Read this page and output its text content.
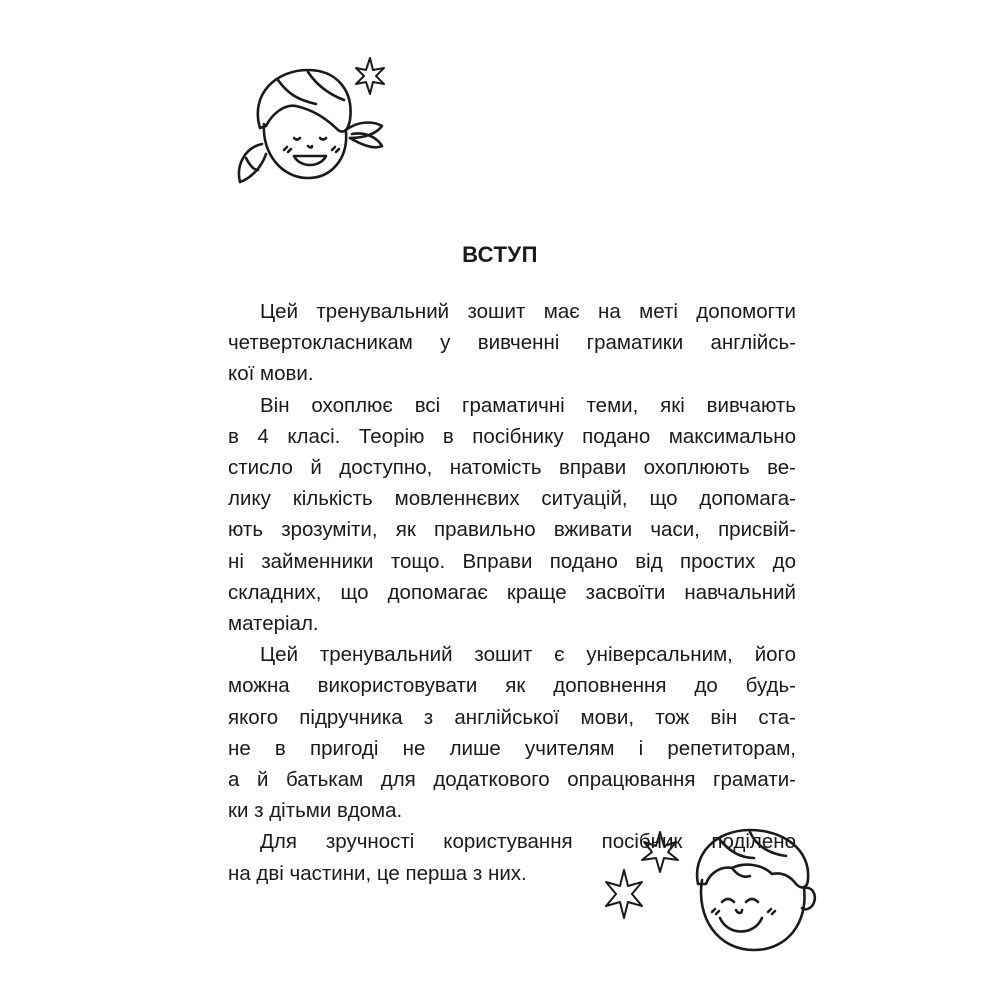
ВСТУП
Цей тренувальний зошит має на меті допомогти
четвертокласникам у вивченні граматики англійсь-
кої мови.
Він охоплює всі граматичні теми, які вивчають
в 4 класі. Теорію в посібнику подано максимально
стисло й доступно, натомість вправи охоплюють ве-
лику кількість мовленнєвих ситуацій, що допомага-
ють зрозуміти, як правильно вживати часи, присвій-
ні займенники тощо. Вправи подано від простих до
складних, що допомагає краще засвоїти навчальний
матеріал.
Цей тренувальний зошит є універсальним, його
можна використовувати як доповнення до будь-
якого підручника з англійської мови, тож він ста-
не в пригоді не лише учителям і репетиторам,
а й батькам для додаткового опрацювання грамати-
ки з дітьми вдома.
Для зручності користування посібник поділено
на дві частини, це перша з них.
